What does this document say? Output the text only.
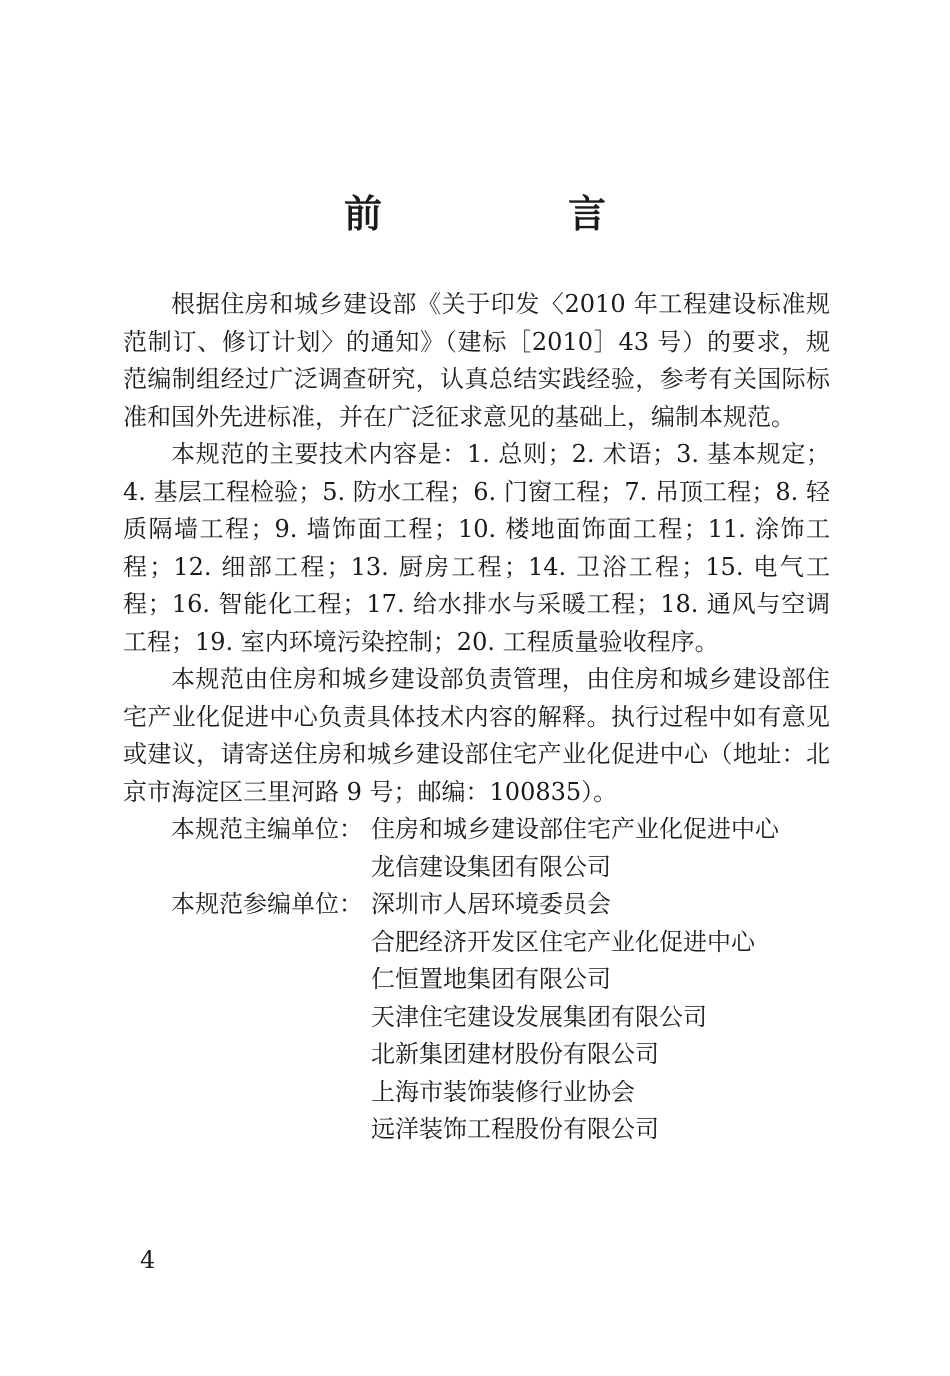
前　言

根据住房和城乡建设部《关于印发〈2010 年工程建设标准规范制订、修订计划〉的通知》（建标［2010］43 号）的要求，规范编制组经过广泛调查研究，认真总结实践经验，参考有关国际标准和国外先进标准，并在广泛征求意见的基础上，编制本规范。

本规范的主要技术内容是：1. 总则；2. 术语；3. 基本规定；4. 基层工程检验；5. 防水工程；6. 门窗工程；7. 吊顶工程；8. 轻质隔墙工程；9. 墙饰面工程；10. 楼地面饰面工程；11. 涂饰工程；12. 细部工程；13. 厨房工程；14. 卫浴工程；15. 电气工程；16. 智能化工程；17. 给水排水与采暖工程；18. 通风与空调工程；19. 室内环境污染控制；20. 工程质量验收程序。

本规范由住房和城乡建设部负责管理，由住房和城乡建设部住宅产业化促进中心负责具体技术内容的解释。执行过程中如有意见或建议，请寄送住房和城乡建设部住宅产业化促进中心（地址：北京市海淀区三里河路 9 号；邮编：100835）。

本规范主编单位： 住房和城乡建设部住宅产业化促进中心
龙信建设集团有限公司
本规范参编单位： 深圳市人居环境委员会
合肥经济开发区住宅产业化促进中心
仁恒置地集团有限公司
天津住宅建设发展集团有限公司
北新集团建材股份有限公司
上海市装饰装修行业协会
远洋装饰工程股份有限公司
4
